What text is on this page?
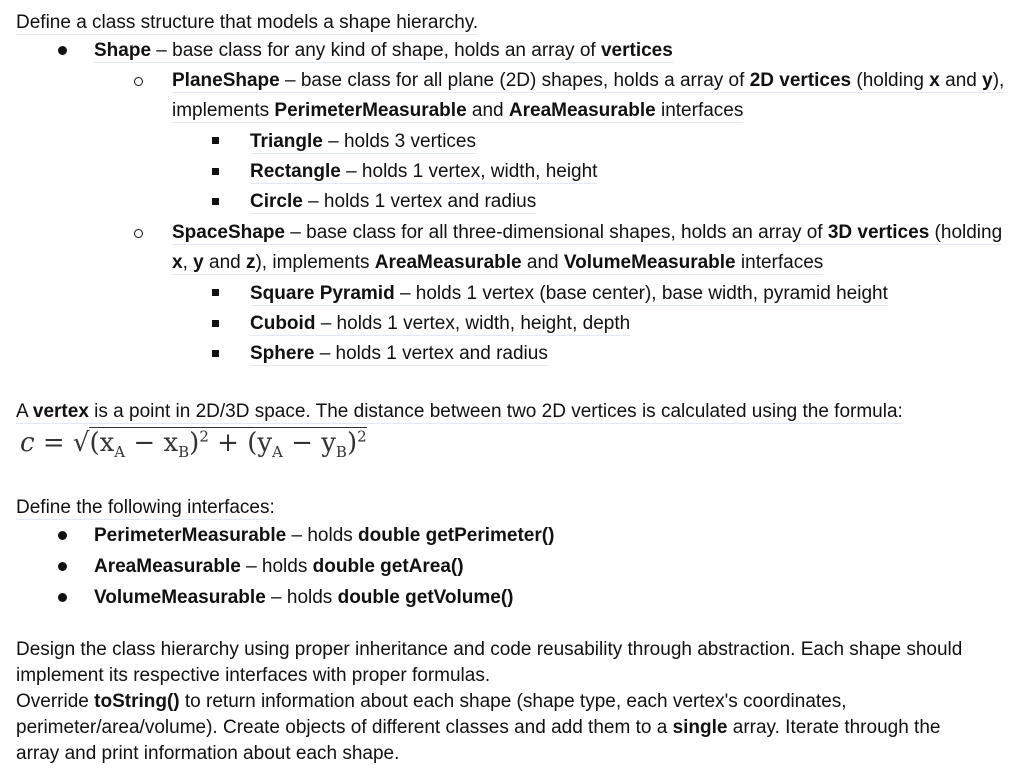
Define a class structure that models a shape hierarchy.
Shape – base class for any kind of shape, holds an array of vertices
PlaneShape – base class for all plane (2D) shapes, holds a array of 2D vertices (holding x and y),
implements PerimeterMeasurable and AreaMeasurable interfaces
Triangle – holds 3 vertices
Rectangle – holds 1 vertex, width, height
Circle – holds 1 vertex and radius
SpaceShape – base class for all three-dimensional shapes, holds an array of 3D vertices (holding
x, y and z), implements AreaMeasurable and VolumeMeasurable interfaces
Square Pyramid – holds 1 vertex (base center), base width, pyramid height
Cuboid – holds 1 vertex, width, height, depth
Sphere – holds 1 vertex and radius
A vertex is a point in 2D/3D space. The distance between two 2D vertices is calculated using the formula:
$c = √(x_A - x_B)^2 + (y_A - y_B)^2$
Define the following interfaces:
PerimeterMeasurable – holds double getPerimeter()
AreaMeasurable – holds double getArea()
VolumeMeasurable – holds double getVolume()
Design the class hierarchy using proper inheritance and code reusability through abstraction. Each shape should
implement its respective interfaces with proper formulas.
Override toString() to return information about each shape (shape type, each vertex's coordinates,
perimeter/area/volume). Create objects of different classes and add them to a single array. Iterate through the
array and print information about each shape.
